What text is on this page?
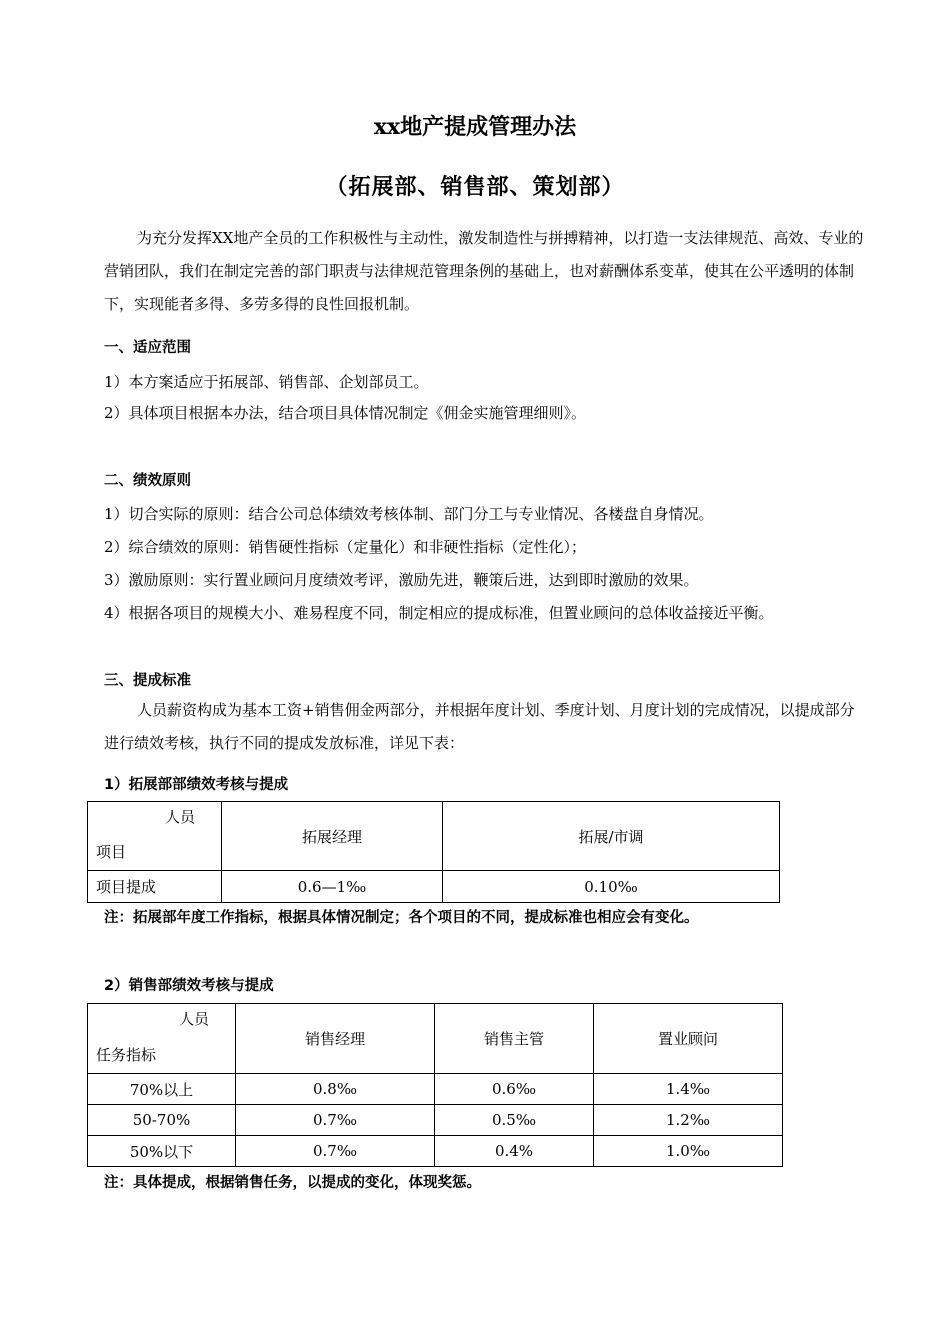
xx地产提成管理办法
（拓展部、销售部、策划部）
为充分发挥XX地产全员的工作积极性与主动性，激发制造性与拼搏精神，以打造一支法律规范、高效、专业的营销团队，我们在制定完善的部门职责与法律规范管理条例的基础上，也对薪酬体系变革，使其在公平透明的体制下，实现能者多得、多劳多得的良性回报机制。
一、适应范围
1）本方案适应于拓展部、销售部、企划部员工。
2）具体项目根据本办法，结合项目具体情况制定《佣金实施管理细则》。
二、绩效原则
1）切合实际的原则：结合公司总体绩效考核体制、部门分工与专业情况、各楼盘自身情况。
2）综合绩效的原则：销售硬性指标（定量化）和非硬性指标（定性化）；
3）激励原则：实行置业顾问月度绩效考评，激励先进，鞭策后进，达到即时激励的效果。
4）根据各项目的规模大小、难易程度不同，制定相应的提成标准，但置业顾问的总体收益接近平衡。
三、提成标准
人员薪资构成为基本工资+销售佣金两部分，并根据年度计划、季度计划、月度计划的完成情况，以提成部分进行绩效考核，执行不同的提成发放标准，详见下表：
1）拓展部部绩效考核与提成
人员
项目	拓展经理	拓展/市调
项目提成	0.6—1‰	0.10‰
注：拓展部年度工作指标，根据具体情况制定；各个项目的不同，提成标准也相应会有变化。
2）销售部绩效考核与提成
人员
任务指标	销售经理	销售主管	置业顾问
70%以上	0.8‰	0.6‰	1.4‰
50-70%	0.7‰	0.5‰	1.2‰
50%以下	0.7‰	0.4%	1.0‰
注：具体提成，根据销售任务，以提成的变化，体现奖惩。
